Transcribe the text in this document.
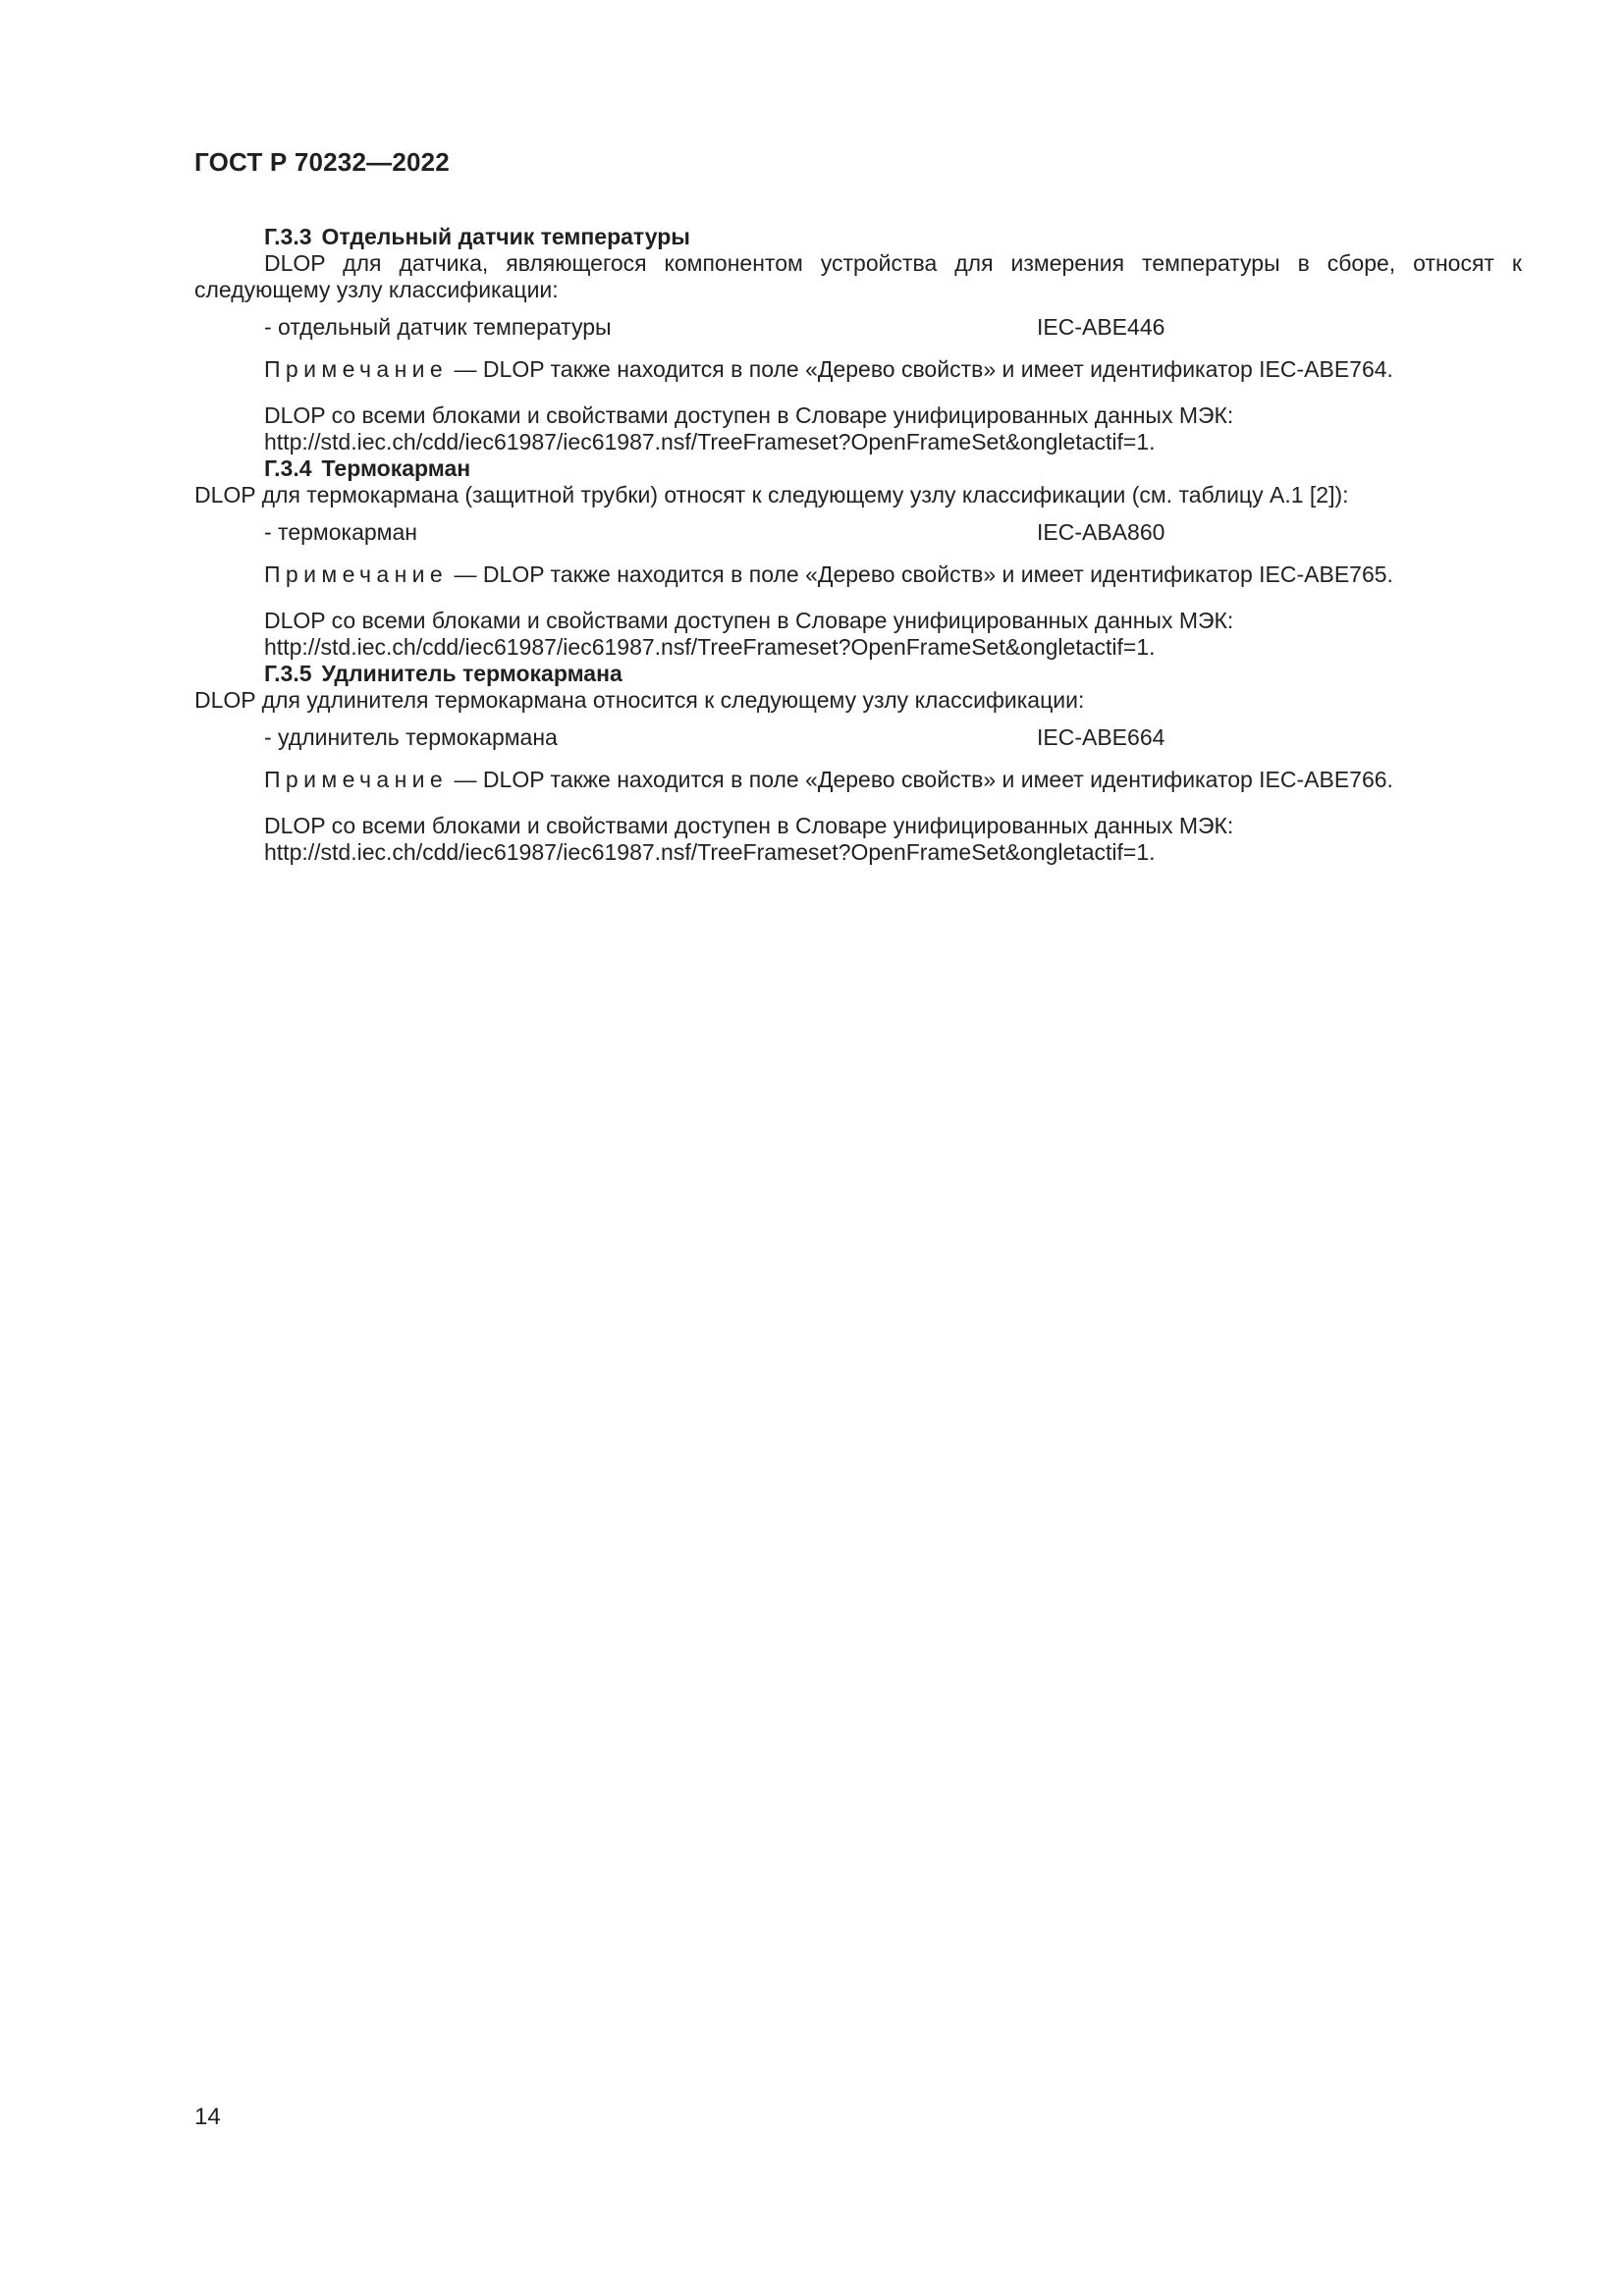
ГОСТ Р 70232—2022
Г.3.3 Отдельный датчик температуры

DLOP для датчика, являющегося компонентом устройства для измерения температуры в сборе, относят к следующему узлу классификации:

- отдельный датчик температуры	IEC-ABE446
Примечание — DLOP также находится в поле «Дерево свойств» и имеет идентификатор IEC-ABE764.
DLOP со всеми блоками и свойствами доступен в Словаре унифицированных данных МЭК:
http://std.iec.ch/cdd/iec61987/iec61987.nsf/TreeFrameset?OpenFrameSet&ongletactif=1.
Г.3.4 Термокарман
DLOP для термокармана (защитной трубки) относят к следующему узлу классификации (см. таблицу А.1 [2]):
- термокарман	IEC-ABA860
Примечание — DLOP также находится в поле «Дерево свойств» и имеет идентификатор IEC-ABE765.
DLOP со всеми блоками и свойствами доступен в Словаре унифицированных данных МЭК:
http://std.iec.ch/cdd/iec61987/iec61987.nsf/TreeFrameset?OpenFrameSet&ongletactif=1.
Г.3.5 Удлинитель термокармана
DLOP для удлинителя термокармана относится к следующему узлу классификации:
- удлинитель термокармана	IEC-ABE664
Примечание — DLOP также находится в поле «Дерево свойств» и имеет идентификатор IEC-ABE766.
DLOP со всеми блоками и свойствами доступен в Словаре унифицированных данных МЭК:
http://std.iec.ch/cdd/iec61987/iec61987.nsf/TreeFrameset?OpenFrameSet&ongletactif=1.
14
